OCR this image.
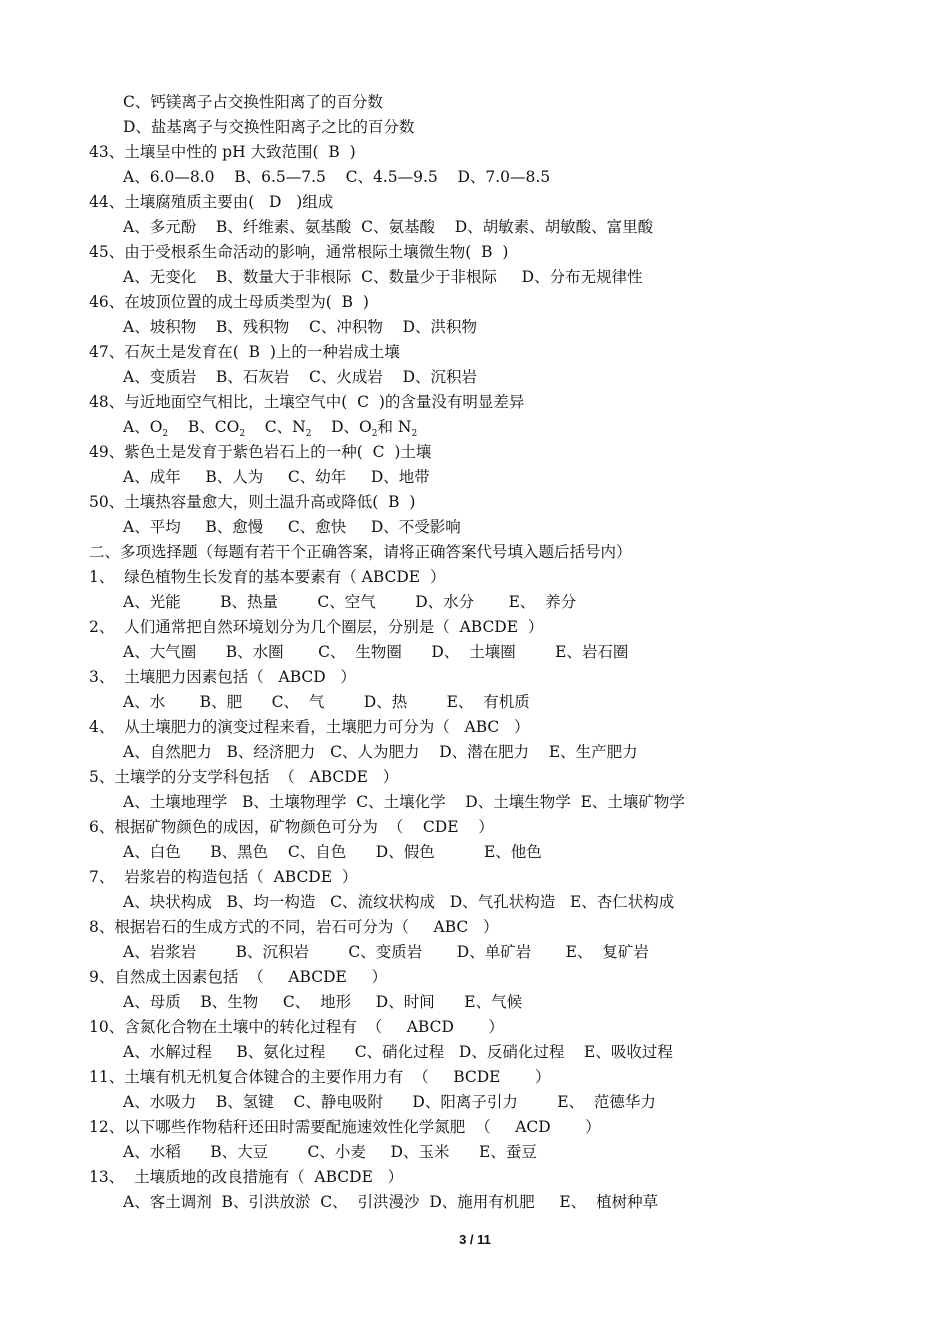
C、钙镁离子占交换性阳离了的百分数
D、盐基离子与交换性阳离子之比的百分数
43、土壤呈中性的 pH 大致范围(  B  )
A、6.0—8.0    B、6.5—7.5    C、4.5—9.5    D、7.0—8.5
44、土壤腐殖质主要由(   D   )组成
A、多元酚    B、纤维素、氨基酸  C、氨基酸    D、胡敏素、胡敏酸、富里酸
45、由于受根系生命活动的影响，通常根际土壤微生物(  B  )
A、无变化    B、数量大于非根际  C、数量少于非根际     D、分布无规律性
46、在坡顶位置的成土母质类型为(  B  )
A、坡积物    B、残积物    C、冲积物    D、洪积物
47、石灰土是发育在(  B  )上的一种岩成土壤
A、变质岩    B、石灰岩    C、火成岩    D、沉积岩
48、与近地面空气相比，土壤空气中(  C  )的含量没有明显差异
A、$O_2$    B、$CO_2$    C、$N_2$    D、$O_2$和 $N_2$
49、紫色土是发育于紫色岩石上的一种(  C  )土壤
A、成年     B、人为     C、幼年     D、地带
50、土壤热容量愈大，则土温升高或降低(  B  )
A、平均     B、愈慢     C、愈快     D、不受影响
二、多项选择题（每题有若干个正确答案，请将正确答案代号填入题后括号内）
1、  绿色植物生长发育的基本要素有（ ABCDE  ）
A、光能        B、热量        C、空气        D、水分       E、  养分
2、  人们通常把自然环境划分为几个圈层，分别是（  ABCDE  ）
A、大气圈      B、水圈       C、  生物圈      D、  土壤圈        E、岩石圈
3、  土壤肥力因素包括（   ABCD   ）
A、水       B、肥      C、  气        D、热        E、  有机质
4、  从土壤肥力的演变过程来看，土壤肥力可分为（   ABC   ）
A、自然肥力   B、经济肥力   C、人为肥力    D、潜在肥力    E、生产肥力
5、土壤学的分支学科包括  （   ABCDE   ）
A、土壤地理学   B、土壤物理学  C、土壤化学    D、土壤生物学  E、土壤矿物学
6、根据矿物颜色的成因，矿物颜色可分为  （    CDE    ）
A、白色      B、黑色    C、自色      D、假色          E、他色
7、  岩浆岩的构造包括（  ABCDE  ）
A、块状构成   B、均一构造   C、流纹状构成   D、气孔状构造   E、杏仁状构成
8、根据岩石的生成方式的不同，岩石可分为（     ABC   ）
A、岩浆岩        B、沉积岩        C、变质岩       D、单矿岩       E、  复矿岩
9、自然成土因素包括  （     ABCDE     ）
A、母质    B、生物     C、  地形     D、时间      E、气候
10、含氮化合物在土壤中的转化过程有  （     ABCD       ）
A、水解过程     B、氨化过程      C、硝化过程   D、反硝化过程    E、吸收过程
11、土壤有机无机复合体键合的主要作用力有  （     BCDE       ）
A、水吸力    B、氢键    C、静电吸附      D、阳离子引力        E、  范德华力
12、以下哪些作物秸秆还田时需要配施速效性化学氮肥  （     ACD       ）
A、水稻      B、大豆        C、小麦     D、玉米      E、蚕豆
13、  土壤质地的改良措施有（  ABCDE   ）
A、客土调剂  B、引洪放淤  C、  引洪漫沙  D、施用有机肥     E、  植树种草
3 / 11
